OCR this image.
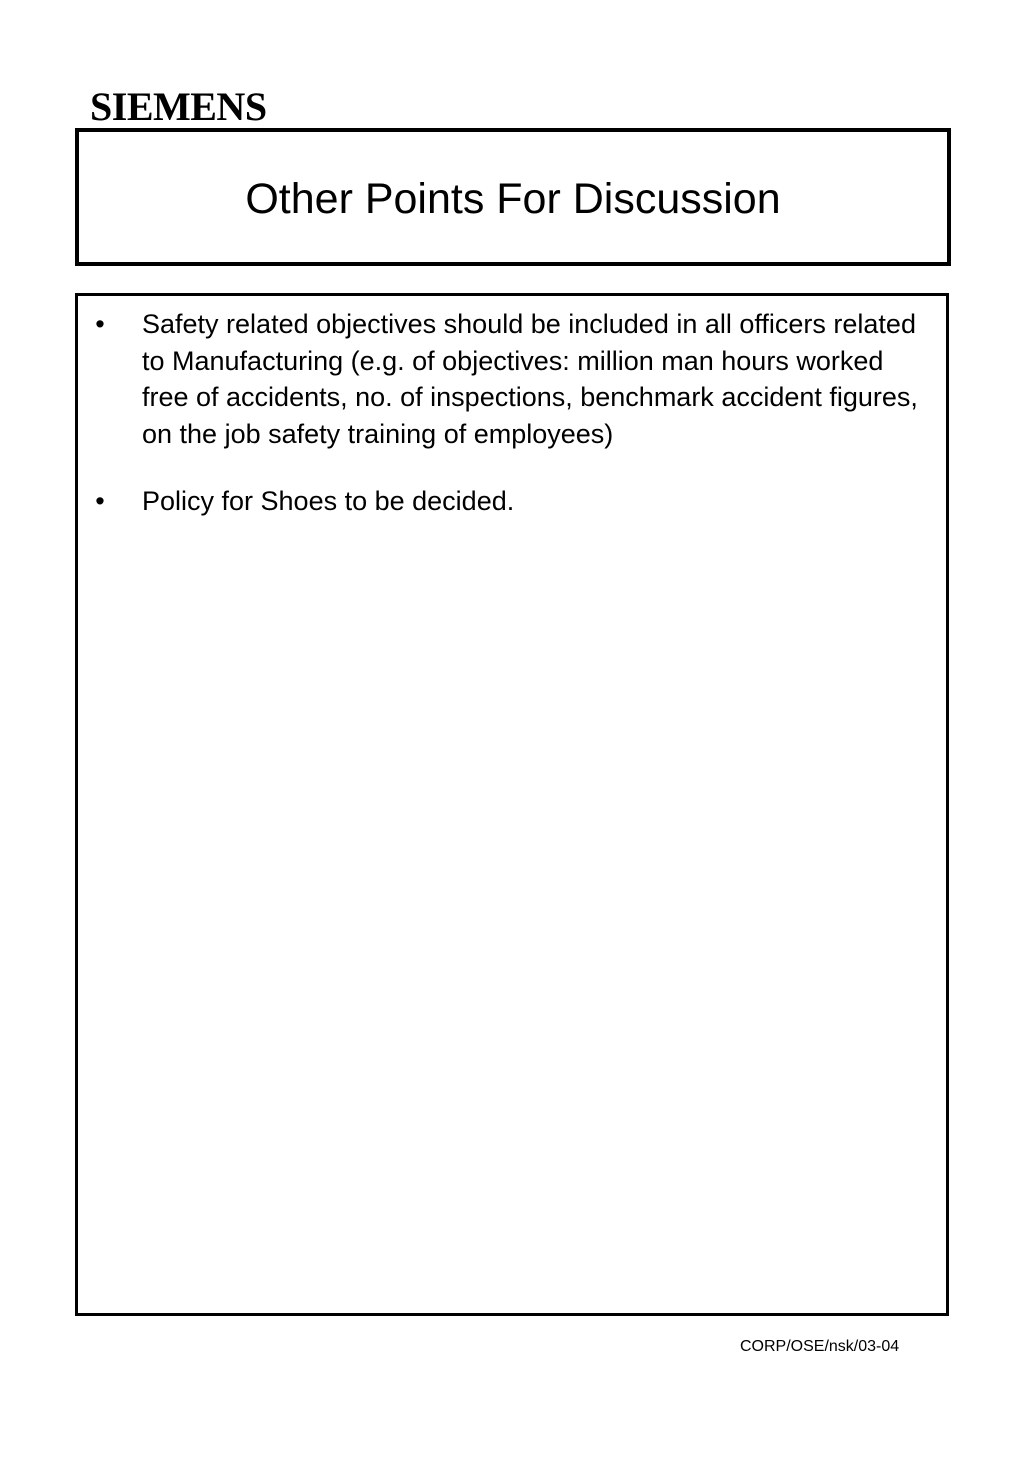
SIEMENS
Other Points For Discussion
• Safety related objectives should be included in all officers related to Manufacturing (e.g. of objectives: million man hours worked free of accidents, no. of inspections, benchmark accident figures, on the job safety training of employees)
• Policy for Shoes to be decided.
CORP/OSE/nsk/03-04
